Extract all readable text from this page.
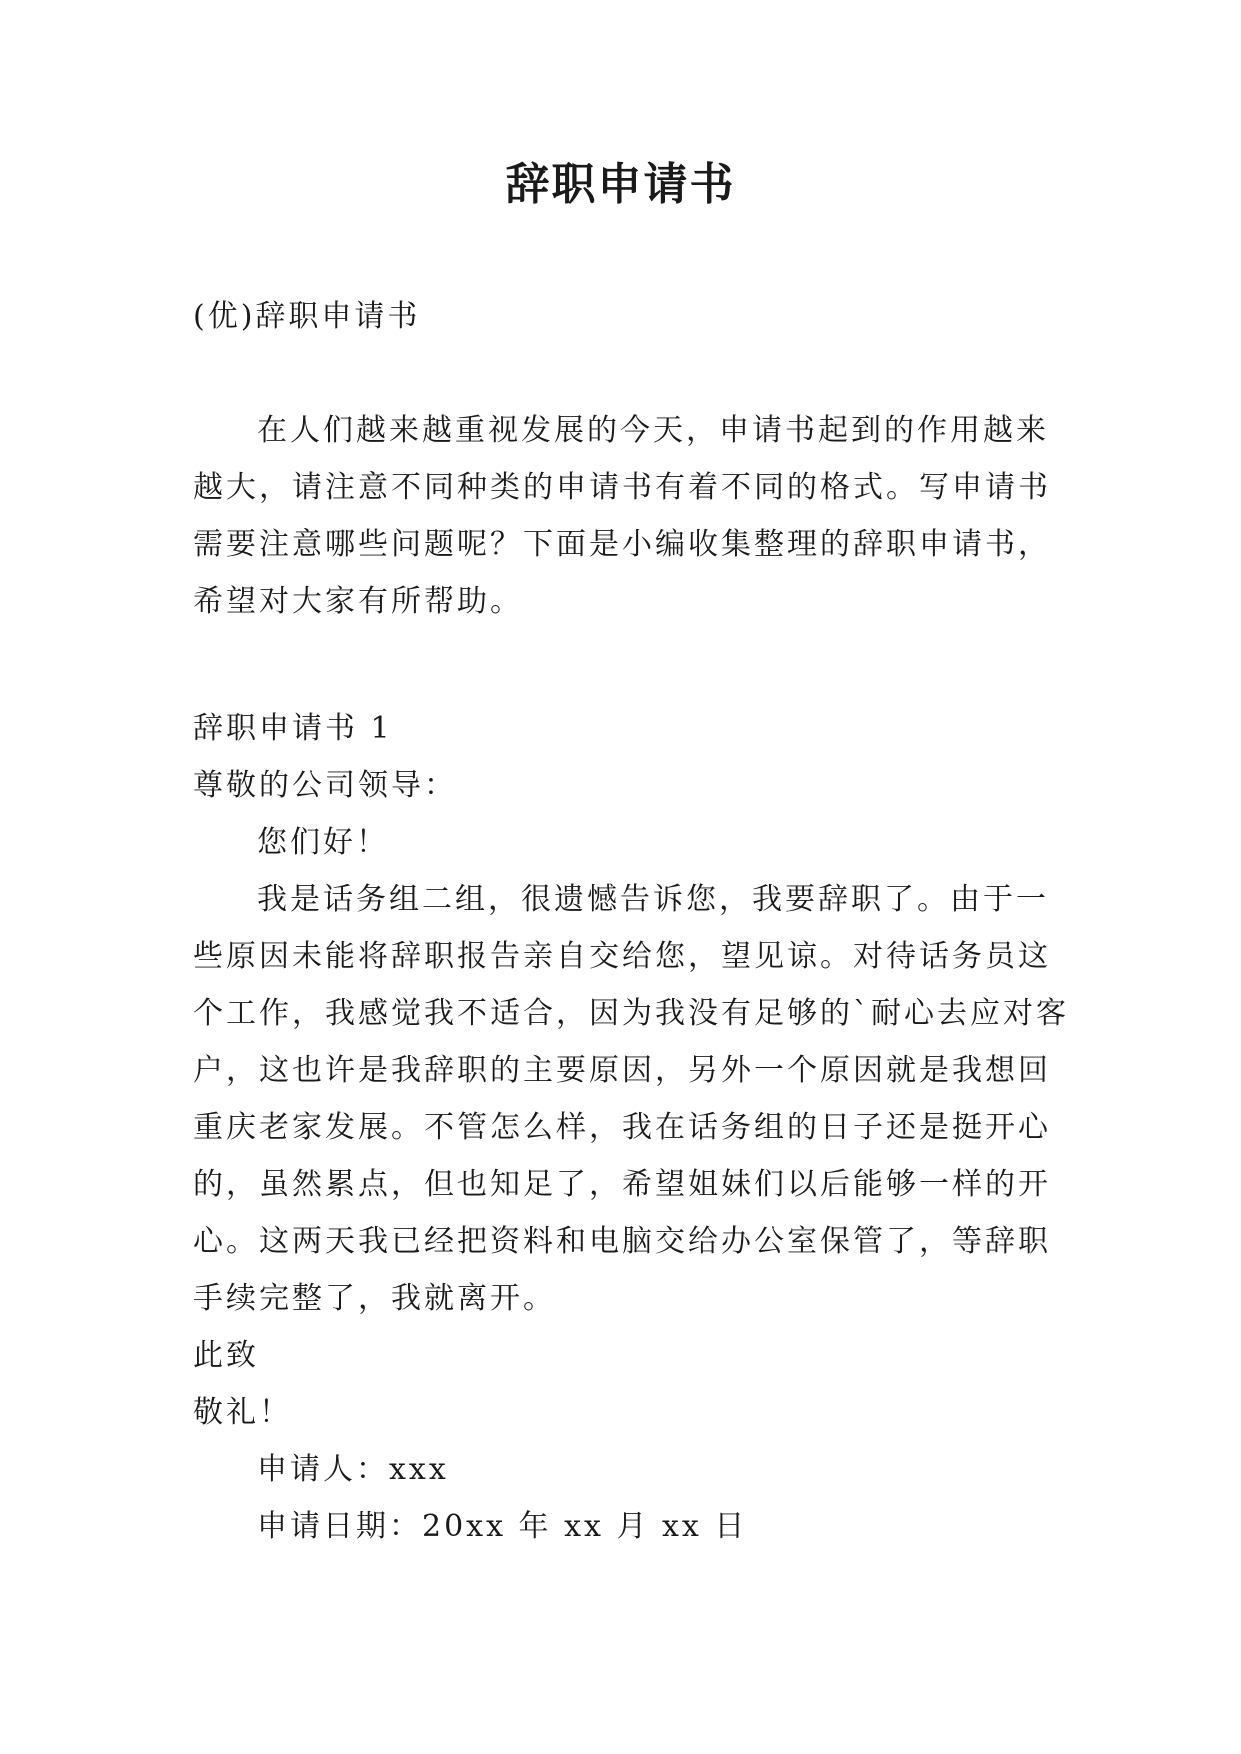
辞职申请书

(优)辞职申请书

在人们越来越重视发展的今天，申请书起到的作用越来越大，请注意不同种类的申请书有着不同的格式。写申请书需要注意哪些问题呢？下面是小编收集整理的辞职申请书，希望对大家有所帮助。

辞职申请书 1

尊敬的公司领导：

您们好！

我是话务组二组，很遗憾告诉您，我要辞职了。由于一些原因未能将辞职报告亲自交给您，望见谅。对待话务员这个工作，我感觉我不适合，因为我没有足够的`耐心去应对客户，这也许是我辞职的主要原因，另外一个原因就是我想回重庆老家发展。不管怎么样，我在话务组的日子还是挺开心的，虽然累点，但也知足了，希望姐妹们以后能够一样的开心。这两天我已经把资料和电脑交给办公室保管了，等辞职手续完整了，我就离开。

此致

敬礼！

申请人：xxx

申请日期：20xx 年 xx 月 xx 日
